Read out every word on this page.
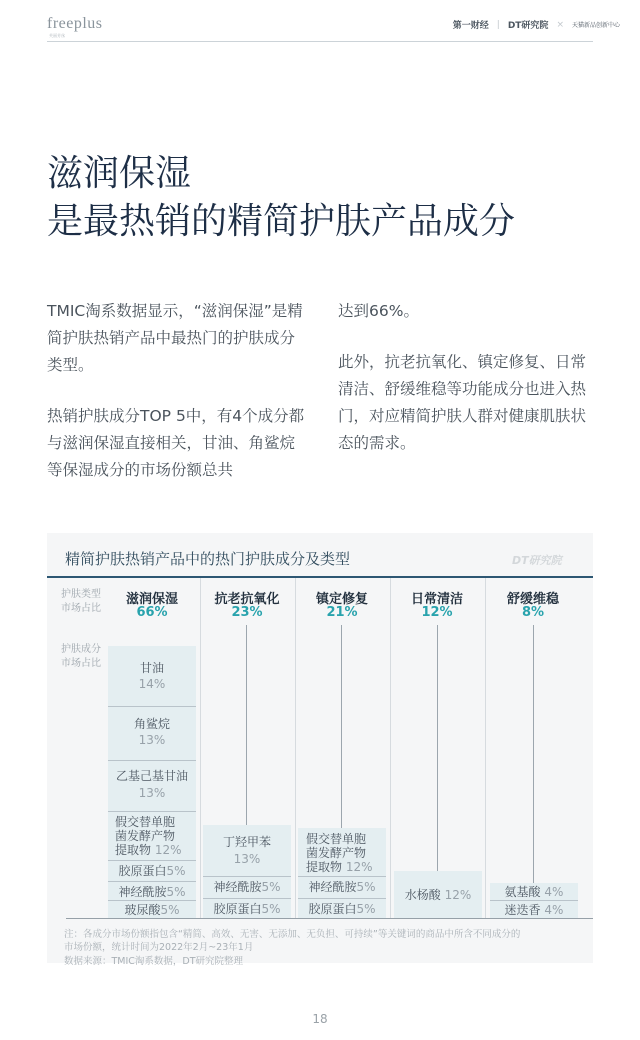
freeplus
芙丽芳丝
第一财经 | DT研究院 × 天猫新品创新中心
滋润保湿
是最热销的精简护肤产品成分

TMIC淘系数据显示，“滋润保湿”是精简护肤热销产品中最热门的护肤成分类型。

热销护肤成分TOP 5中，有4个成分都与滋润保湿直接相关，甘油、角鲨烷等保湿成分的市场份额总共

达到66%。

此外，抗老抗氧化、镇定修复、日常清洁、舒缓维稳等功能成分也进入热门，对应精简护肤人群对健康肌肤状态的需求。

精简护肤热销产品中的热门护肤成分及类型	DT研究院
护肤类型
市场占比
护肤成分
市场占比
滋润保湿
66%
抗老抗氧化
23%
镇定修复
21%
日常清洁
12%
舒缓维稳
8%
甘油
14%
角鲨烷
13%
乙基己基甘油
13%
假交替单胞
菌发酵产物
提取物 12%
胶原蛋白5%
神经酰胺5%
玻尿酸5%
丁羟甲苯
13%
神经酰胺5%
胶原蛋白5%
假交替单胞
菌发酵产物
提取物 12%
神经酰胺5%
胶原蛋白5%
水杨酸 12%	氨基酸 4%
迷迭香 4%
注：各成分市场份额指包含“精简、高效、无害、无添加、无负担、可持续”等关键词的商品中所含不同成分的
市场份额，统计时间为2022年2月~23年1月
数据来源：TMIC淘系数据，DT研究院整理
18
